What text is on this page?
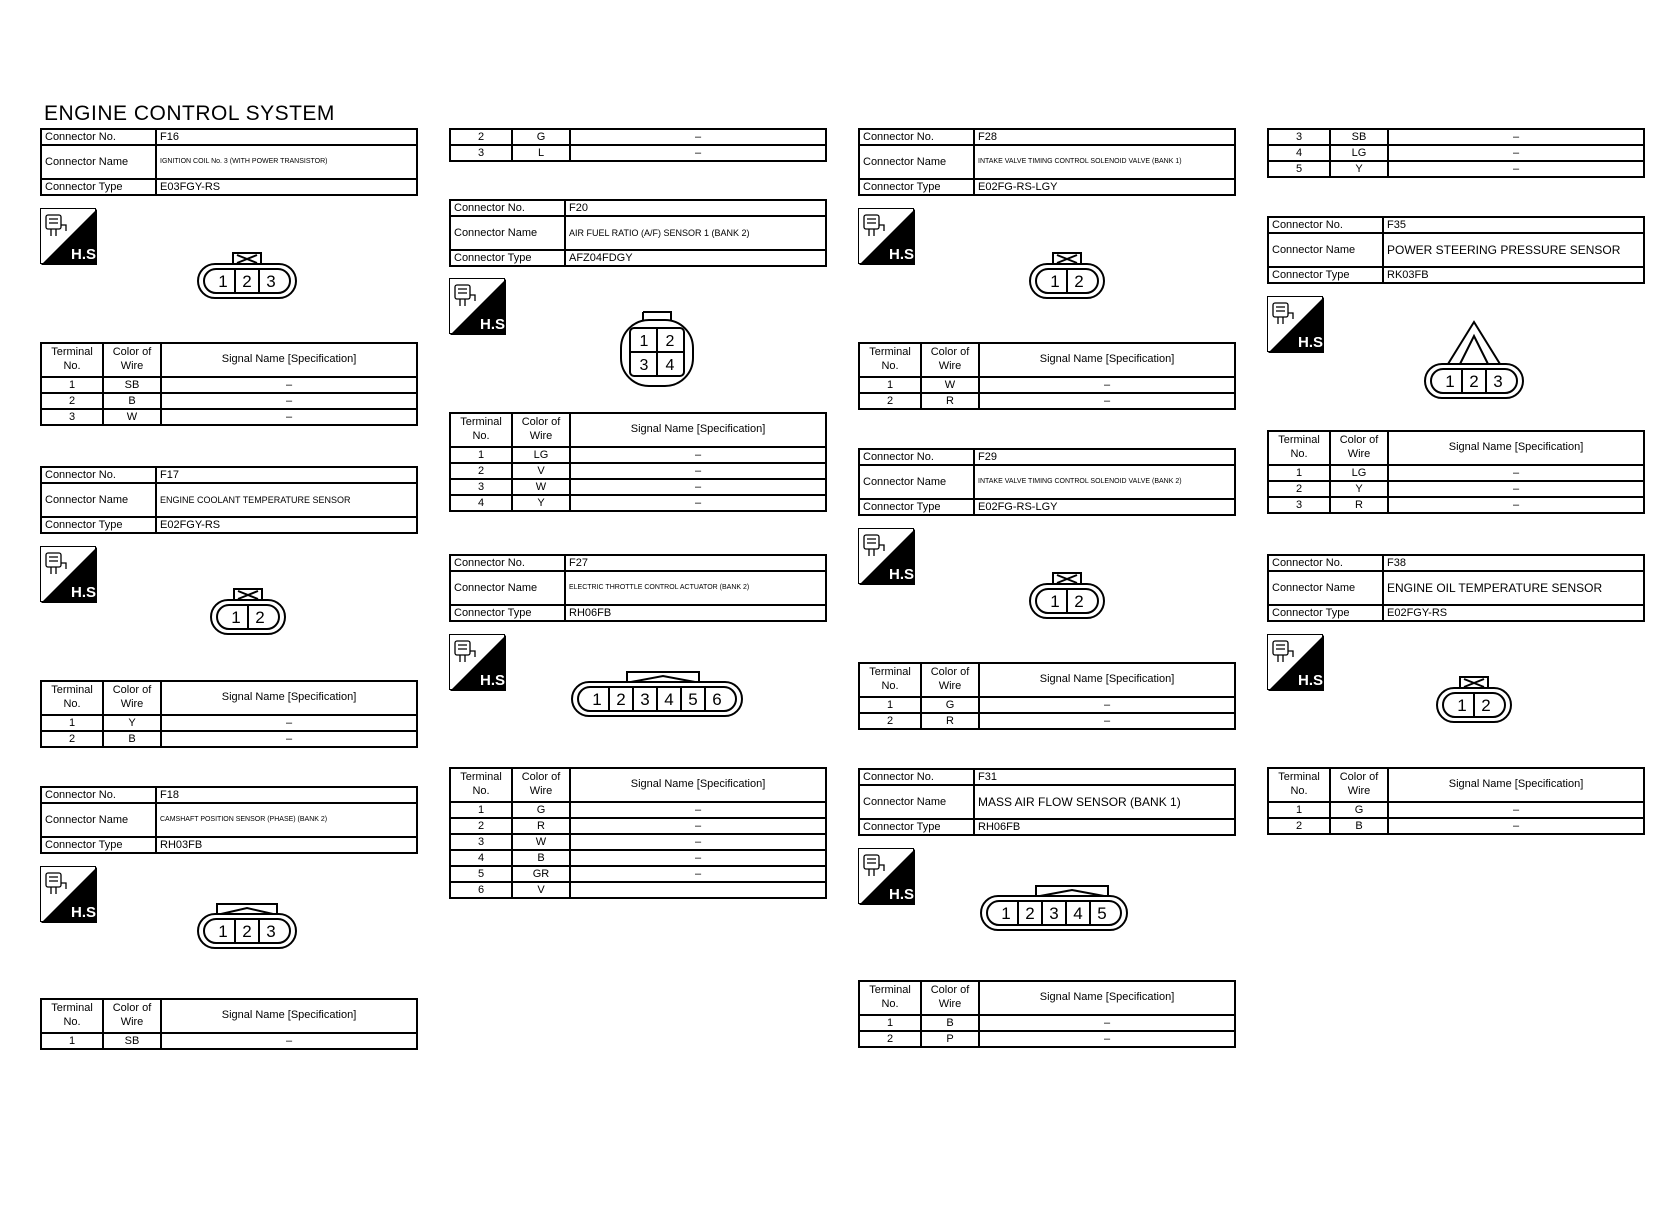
ENGINE CONTROL SYSTEM
Connector No.	F16
Connector Name	IGNITION COIL No. 3 (WITH POWER TRANSISTOR)
Connector Type	E03FGY-RS
H.S.
1 2 3
Terminal No.	Color of Wire	Signal Name [Specification]
1	SB	–
2	B	–
3	W	–
Connector No.	F17
Connector Name	ENGINE COOLANT TEMPERATURE SENSOR
Connector Type	E02FGY-RS
H.S.
1 2
Terminal No.	Color of Wire	Signal Name [Specification]
1	Y	–
2	B	–
Connector No.	F18
Connector Name	CAMSHAFT POSITION SENSOR (PHASE) (BANK 2)
Connector Type	RH03FB
H.S.
1 2 3
Terminal No.	Color of Wire	Signal Name [Specification]
1	SB	–
2	G	–
3	L	–
Connector No.	F20
Connector Name	AIR FUEL RATIO (A/F) SENSOR 1 (BANK 2)
Connector Type	AFZ04FDGY
H.S.
1 2
3 4
Terminal No.	Color of Wire	Signal Name [Specification]
1	LG	–
2	V	–
3	W	–
4	Y	–
Connector No.	F27
Connector Name	ELECTRIC THROTTLE CONTROL ACTUATOR (BANK 2)
Connector Type	RH06FB
H.S.
1 2 3 4 5 6
Terminal No.	Color of Wire	Signal Name [Specification]
1	G	–
2	R	–
3	W	–
4	B	–
5	GR	–
6	V	
Connector No.	F28
Connector Name	INTAKE VALVE TIMING CONTROL SOLENOID VALVE (BANK 1)
Connector Type	E02FG-RS-LGY
H.S.
1 2
Terminal No.	Color of Wire	Signal Name [Specification]
1	W	–
2	R	–
Connector No.	F29
Connector Name	INTAKE VALVE TIMING CONTROL SOLENOID VALVE (BANK 2)
Connector Type	E02FG-RS-LGY
H.S.
1 2
Terminal No.	Color of Wire	Signal Name [Specification]
1	G	–
2	R	–
Connector No.	F31
Connector Name	MASS AIR FLOW SENSOR (BANK 1)
Connector Type	RH06FB
H.S.
1 2 3 4 5
Terminal No.	Color of Wire	Signal Name [Specification]
1	B	–
2	P	–
3	SB	–
4	LG	–
5	Y	–
Connector No.	F35
Connector Name	POWER STEERING PRESSURE SENSOR
Connector Type	RK03FB
H.S.
1 2 3
Terminal No.	Color of Wire	Signal Name [Specification]
1	LG	–
2	Y	–
3	R	–
Connector No.	F38
Connector Name	ENGINE OIL TEMPERATURE SENSOR
Connector Type	E02FGY-RS
H.S.
1 2
Terminal No.	Color of Wire	Signal Name [Specification]
1	G	–
2	B	–
